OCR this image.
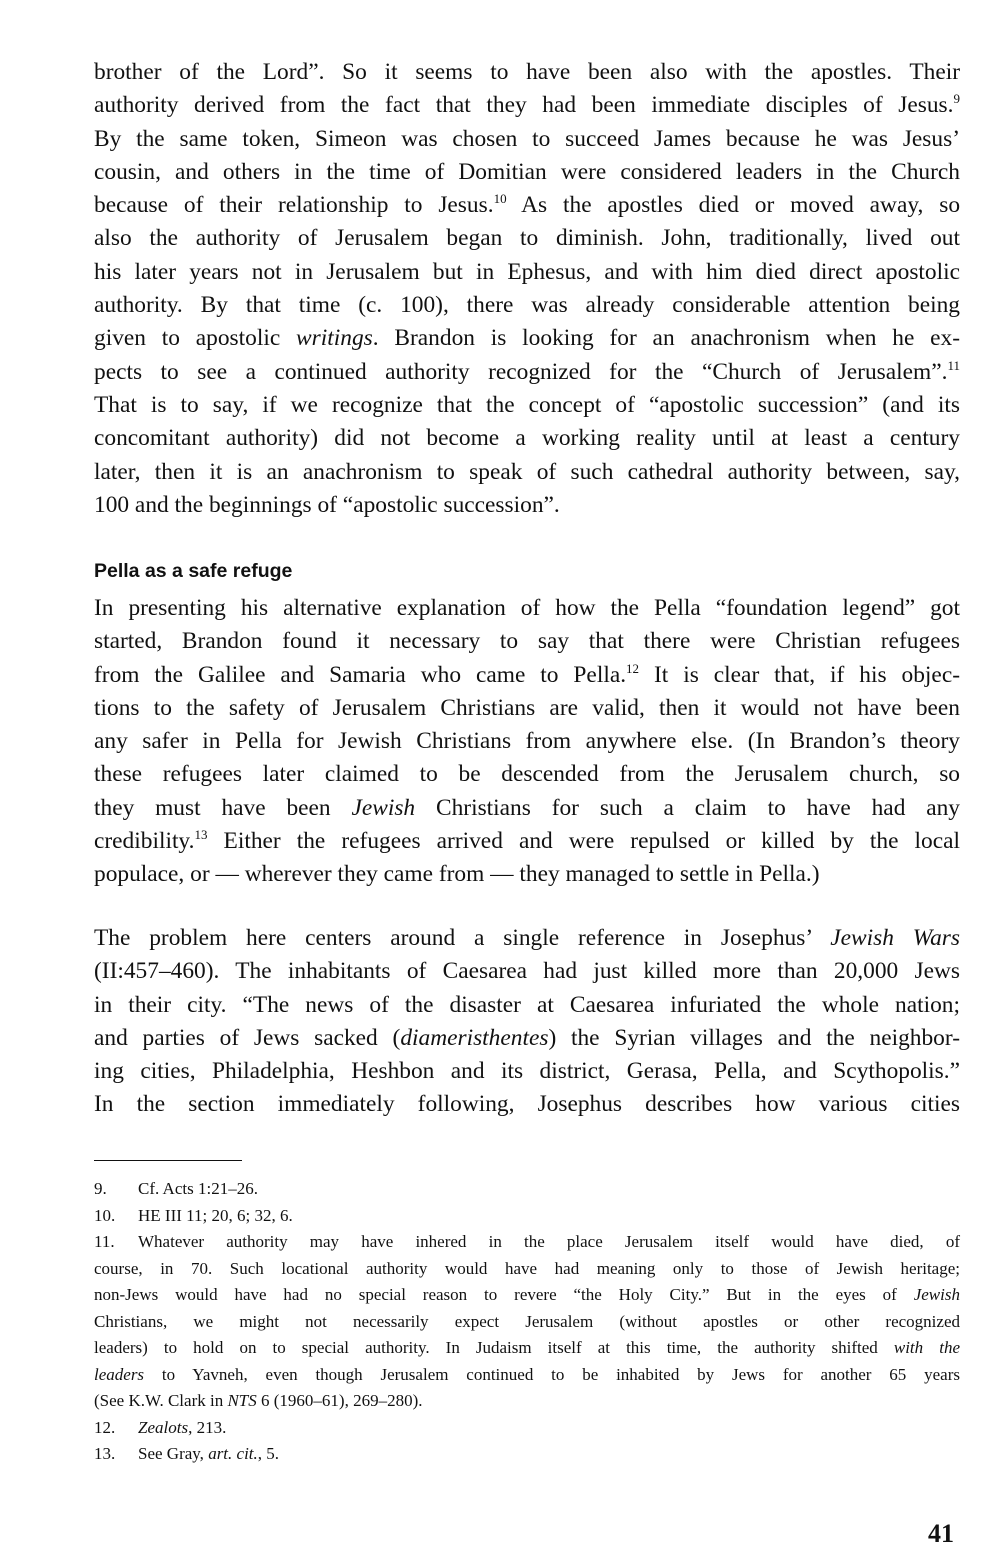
brother of the Lord”. So it seems to have been also with the apostles. Their
authority derived from the fact that they had been immediate disciples of Jesus.$^9$
By the same token, Simeon was chosen to succeed James because he was Jesus’
cousin, and others in the time of Domitian were considered leaders in the Church
because of their relationship to Jesus.$^{10}$ As the apostles died or moved away, so
also the authority of Jerusalem began to diminish. John, traditionally, lived out
his later years not in Jerusalem but in Ephesus, and with him died direct apostolic
authority. By that time (c. 100), there was already considerable attention being
given to apostolic writings. Brandon is looking for an anachronism when he ex-
pects to see a continued authority recognized for the “Church of Jerusalem”.$^{11}$
That is to say, if we recognize that the concept of “apostolic succession” (and its
concomitant authority) did not become a working reality until at least a century
later, then it is an anachronism to speak of such cathedral authority between, say,
100 and the beginnings of “apostolic succession”.
Pella as a safe refuge
In presenting his alternative explanation of how the Pella “foundation legend” got
started, Brandon found it necessary to say that there were Christian refugees
from the Galilee and Samaria who came to Pella.$^{12}$ It is clear that, if his objec-
tions to the safety of Jerusalem Christians are valid, then it would not have been
any safer in Pella for Jewish Christians from anywhere else. (In Brandon’s theory
these refugees later claimed to be descended from the Jerusalem church, so
they must have been Jewish Christians for such a claim to have had any
credibility.$^{13}$ Either the refugees arrived and were repulsed or killed by the local
populace, or — wherever they came from — they managed to settle in Pella.)
The problem here centers around a single reference in Josephus’ Jewish Wars
(II:457–460). The inhabitants of Caesarea had just killed more than 20,000 Jews
in their city. “The news of the disaster at Caesarea infuriated the whole nation;
and parties of Jews sacked (diameristhentes) the Syrian villages and the neighbor-
ing cities, Philadelphia, Heshbon and its district, Gerasa, Pella, and Scythopolis.”
In the section immediately following, Josephus describes how various cities

9. Cf. Acts 1:21–26.

10. HE III 11; 20, 6; 32, 6.

11. Whatever authority may have inhered in the place Jerusalem itself would have died, of
course, in 70. Such locational authority would have had meaning only to those of Jewish heritage;
non-Jews would have had no special reason to revere “the Holy City.” But in the eyes of Jewish
Christians, we might not necessarily expect Jerusalem (without apostles or other recognized
leaders) to hold on to special authority. In Judaism itself at this time, the authority shifted with the
leaders to Yavneh, even though Jerusalem continued to be inhabited by Jews for another 65 years
(See K.W. Clark in NTS 6 (1960–61), 269–280).

12. Zealots, 213.

13. See Gray, art. cit., 5.

41
